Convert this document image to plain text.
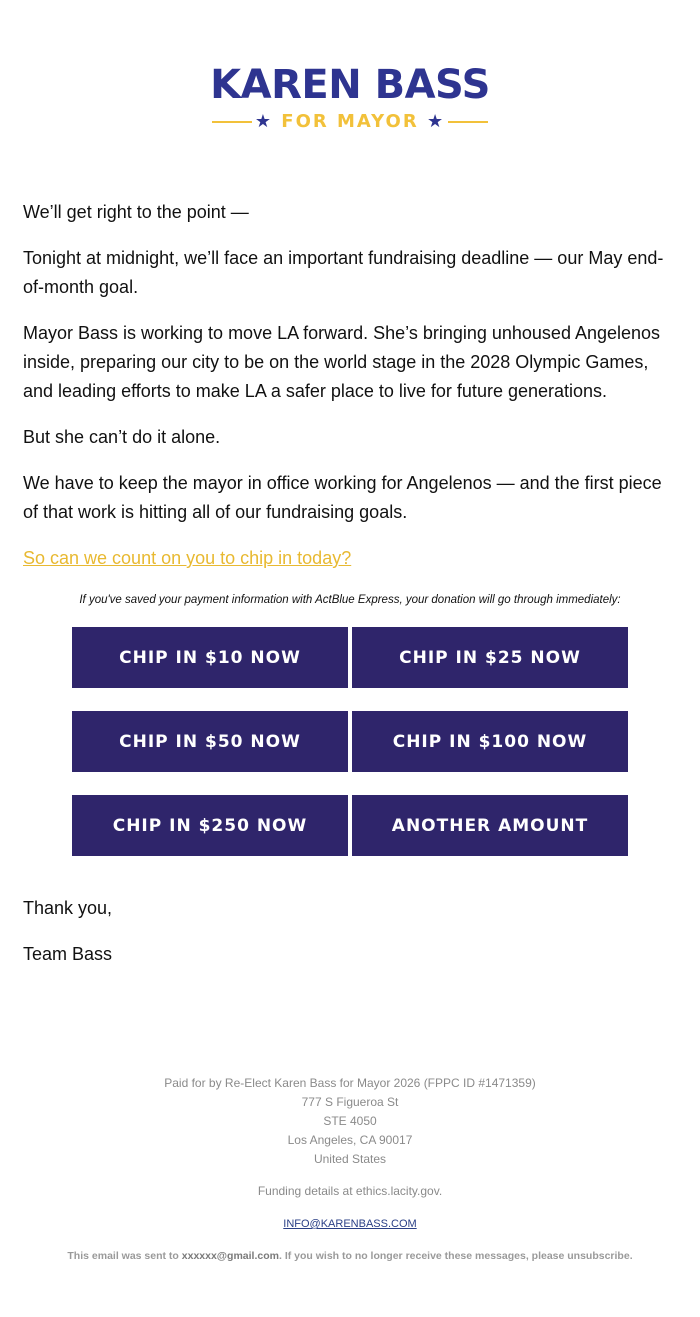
KAREN BASS
★ FOR MAYOR ★

We’ll get right to the point —

Tonight at midnight, we’ll face an important fundraising deadline — our May end-of-month goal.

Mayor Bass is working to move LA forward. She’s bringing unhoused Angelenos inside, preparing our city to be on the world stage in the 2028 Olympic Games, and leading efforts to make LA a safer place to live for future generations.

But she can’t do it alone.

We have to keep the mayor in office working for Angelenos — and the first piece of that work is hitting all of our fundraising goals.

So can we count on you to chip in today?

If you've saved your payment information with ActBlue Express, your donation will go through immediately:
CHIP IN $10 NOW	CHIP IN $25 NOW
CHIP IN $50 NOW	CHIP IN $100 NOW
CHIP IN $250 NOW	ANOTHER AMOUNT

Thank you,

Team Bass

Paid for by Re-Elect Karen Bass for Mayor 2026 (FPPC ID #1471359)
777 S Figueroa St
STE 4050
Los Angeles, CA 90017
United States
Funding details at ethics.lacity.gov.
INFO@KARENBASS.COM
This email was sent to xxxxxx@gmail.com. If you wish to no longer receive these messages, please unsubscribe.
